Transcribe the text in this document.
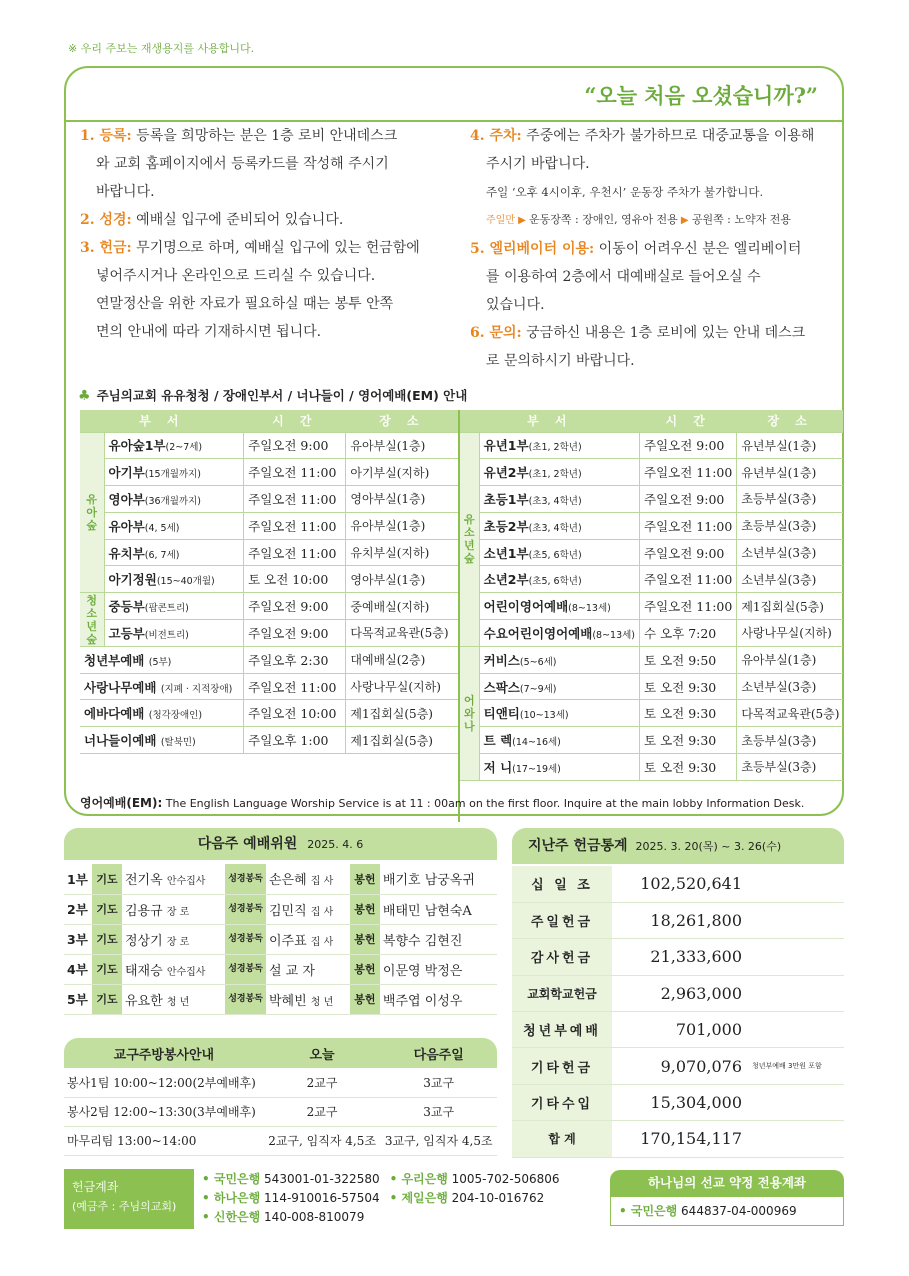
※ 우리 주보는 재생용지를 사용합니다.
“오늘 처음 오셨습니까?”
1. 등록: 등록을 희망하는 분은 1층 로비 안내데스크
와 교회 홈페이지에서 등록카드를 작성해 주시기
바랍니다.
2. 성경: 예배실 입구에 준비되어 있습니다.
3. 헌금: 무기명으로 하며, 예배실 입구에 있는 헌금함에
넣어주시거나 온라인으로 드리실 수 있습니다.
연말정산을 위한 자료가 필요하실 때는 봉투 안쪽
면의 안내에 따라 기재하시면 됩니다.
4. 주차: 주중에는 주차가 불가하므로 대중교통을 이용해
주시기 바랍니다.
주일 ‘오후 4시이후, 우천시’ 운동장 주차가 불가합니다.
주일만 ▶ 운동장쪽 : 장애인, 영유아 전용 ▶ 공원쪽 : 노약자 전용
5. 엘리베이터 이용: 이동이 어려우신 분은 엘리베이터
를 이용하여 2층에서 대예배실로 들어오실 수
있습니다.
6. 문의: 궁금하신 내용은 1층 로비에 있는 안내 데스크
로 문의하시기 바랍니다.
♣ 주님의교회 유유청청 / 장애인부서 / 너나들이 / 영어예배(EM) 안내
부 서		시 간	장 소
유
아
숲	유아숲1부(2~7세)	주일오전 9:00	유아부실(1층)
	아기부(15개월까지)	주일오전 11:00	아기부실(지하)
	영아부(36개월까지)	주일오전 11:00	영아부실(1층)
	유아부(4, 5세)	주일오전 11:00	유아부실(1층)
	유치부(6, 7세)	주일오전 11:00	유치부실(지하)
	아기정원(15~40개월)	토 오전 10:00	영아부실(1층)
청
소
년
숲	중등부(팝콘트리)	주일오전 9:00	중예배실(지하)
	고등부(비전트리)	주일오전 9:00	다목적교육관(5층)
청년부예배 (5부)		주일오후 2:30	대예배실(2층)
사랑나무예배 (지폐 · 지적장애)		주일오전 11:00	사랑나무실(지하)
에바다예배 (청각장애인)		주일오전 10:00	제1집회실(5층)
너나들이예배 (탈북민)		주일오후 1:00	제1집회실(5층)
부 서		시 간	장 소
유
소
년
숲	유년1부(초1, 2학년)	주일오전 9:00	유년부실(1층)
	유년2부(초1, 2학년)	주일오전 11:00	유년부실(1층)
	초등1부(초3, 4학년)	주일오전 9:00	초등부실(3층)
	초등2부(초3, 4학년)	주일오전 11:00	초등부실(3층)
	소년1부(초5, 6학년)	주일오전 9:00	소년부실(3층)
	소년2부(초5, 6학년)	주일오전 11:00	소년부실(3층)
	어린이영어예배(8~13세)	주일오전 11:00	제1집회실(5층)
	수요어린이영어예배(8~13세)	수 오후 7:20	사랑나무실(지하)
어
와
나	커비스(5~6세)	토 오전 9:50	유아부실(1층)
	스팍스(7~9세)	토 오전 9:30	소년부실(3층)
	티앤티(10~13세)	토 오전 9:30	다목적교육관(5층)
	트 렉(14~16세)	토 오전 9:30	초등부실(3층)
	저 니(17~19세)	토 오전 9:30	초등부실(3층)
영어예배(EM): The English Language Worship Service is at 11 : 00am on the first floor. Inquire at the main lobby Information Desk.
다음주 예배위원 2025. 4. 6
1부	기도	전기옥 안수집사	성경봉독	손은혜 집 사	봉헌	배기호 남궁옥귀
2부	기도	김용규 장 로	성경봉독	김민직 집 사	봉헌	배태민 남현숙A
3부	기도	정상기 장 로	성경봉독	이주표 집 사	봉헌	복향수 김현진
4부	기도	태재승 안수집사	성경봉독	설 교 자	봉헌	이문영 박정은
5부	기도	유요한 청 년	성경봉독	박혜빈 청 년	봉헌	백주엽 이성우
교구주방봉사안내	오늘	다음주일
봉사1팀 10:00~12:00(2부예배후)	2교구	3교구
봉사2팀 12:00~13:30(3부예배후)	2교구	3교구
마무리팀 13:00~14:00	2교구, 임직자 4,5조	3교구, 임직자 4,5조
지난주 헌금통계 2025. 3. 20(목) ~ 3. 26(수)
십 일 조	102,520,641	
주일헌금	18,261,800	
감사헌금	21,333,600	
교회학교헌금	2,963,000	
청년부예배	701,000	
기타헌금	9,070,076	청년부예배 3만원 포함
기타수입	15,304,000	
합 계	170,154,117	
헌금계좌
(예금주 : 주님의교회)
• 국민은행 543001-01-322580 • 우리은행 1005-702-506806
• 하나은행 114-910016-57504 • 제일은행 204-10-016762
• 신한은행 140-008-810079
하나님의 선교 약정 전용계좌
• 국민은행 644837-04-000969
